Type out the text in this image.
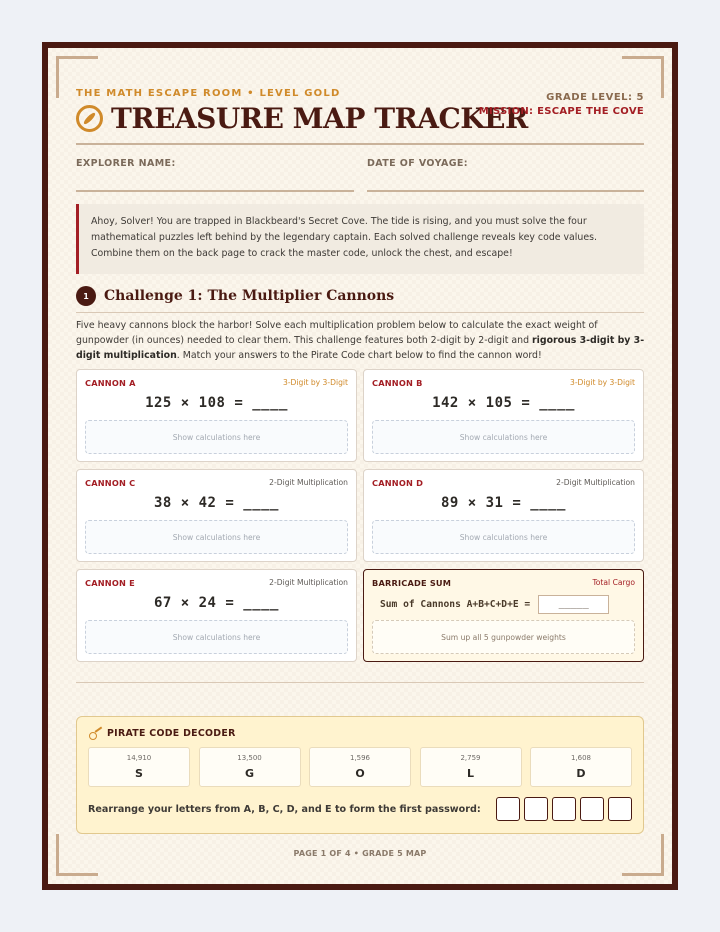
THE MATH ESCAPE ROOM • LEVEL GOLD
TREASURE MAP TRACKER
GRADE LEVEL: 5
MISSION: ESCAPE THE COVE
EXPLORER NAME:	DATE OF VOYAGE:
Ahoy, Solver! You are trapped in Blackbeard's Secret Cove. The tide is rising, and you must solve the four mathematical puzzles left behind by the legendary captain. Each solved challenge reveals key code values. Combine them on the back page to crack the master code, unlock the chest, and escape!
1	Challenge 1: The Multiplier Cannons
Five heavy cannons block the harbor! Solve each multiplication problem below to calculate the exact weight of gunpowder (in ounces) needed to clear them. This challenge features both 2-digit by 2-digit and rigorous 3-digit by 3-digit multiplication. Match your answers to the Pirate Code chart below to find the cannon word!
CANNON A	3-Digit by 3-Digit
125 × 108 = ____
Show calculations here
CANNON B	3-Digit by 3-Digit
142 × 105 = ____
Show calculations here
CANNON C	2-Digit Multiplication
38 × 42 = ____
Show calculations here
CANNON D	2-Digit Multiplication
89 × 31 = ____
Show calculations here
CANNON E	2-Digit Multiplication
67 × 24 = ____
Show calculations here
BARRICADE SUM	Total Cargo
Sum of Cannons A+B+C+D+E =	_____
Sum up all 5 gunpowder weights
PIRATE CODE DECODER
14,910
S
13,500
G
1,596
O
2,759
L
1,608
D
Rearrange your letters from A, B, C, D, and E to form the first password:
PAGE 1 OF 4 • GRADE 5 MAP
